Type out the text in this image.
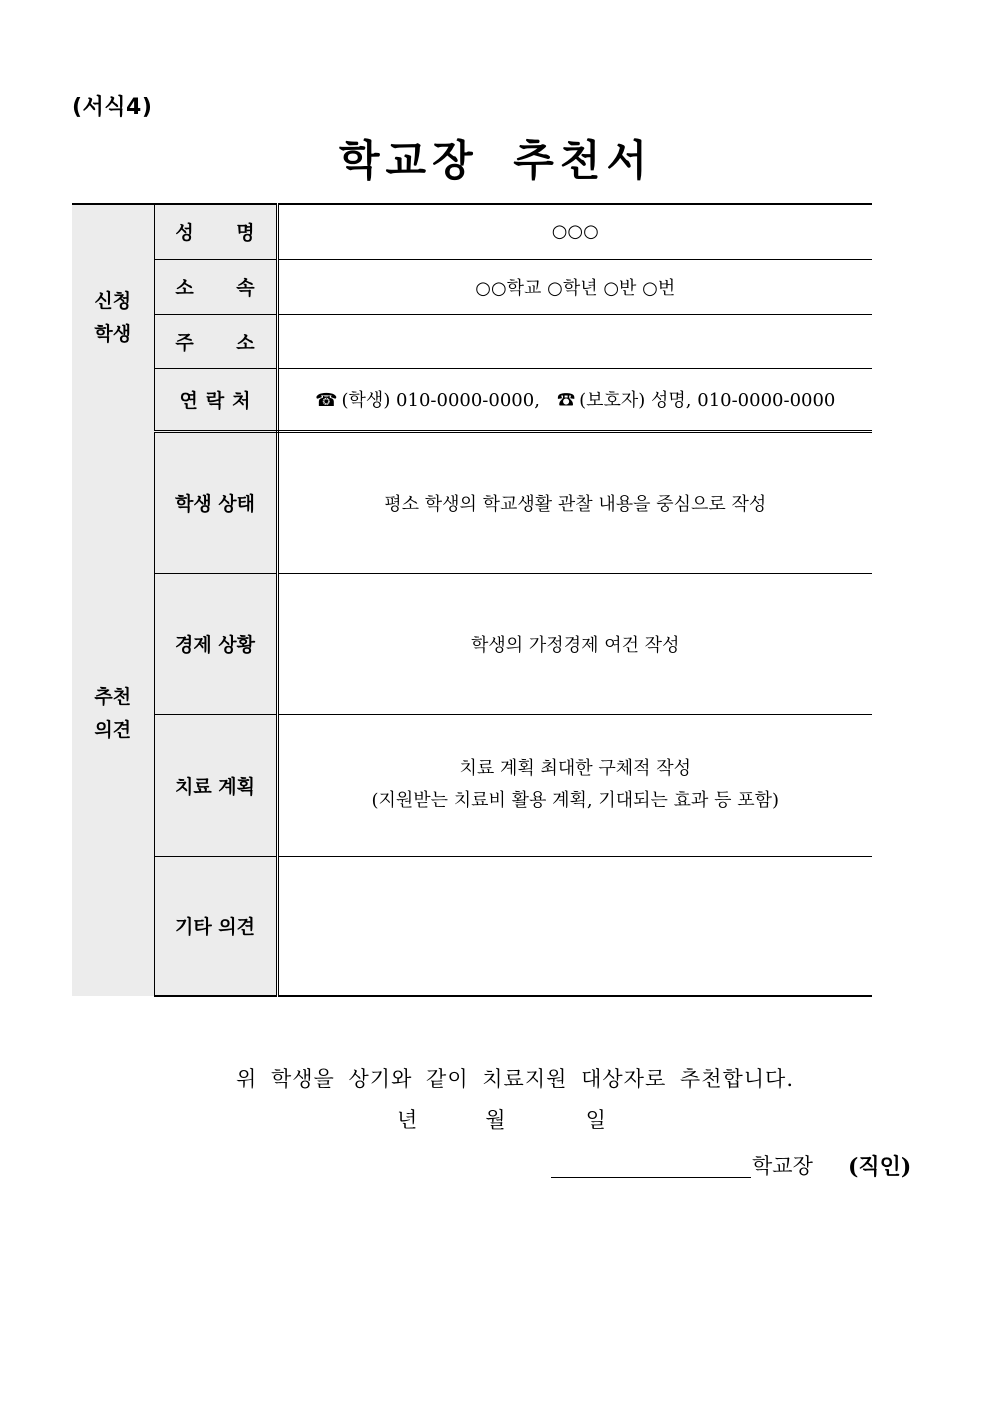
(서식4)
학교장 추천서
신청
학생	성 명	○○○
	소 속	○○학교 ○학년 ○반 ○번
	주 소	
	연락처	☎ (학생) 010-0000-0000, ☎ (보호자) 성명, 010-0000-0000

추천
의견	학생 상태	평소 학생의 학교생활 관찰 내용을 중심으로 작성
	경제 상황	학생의 가정경제 여건 작성
	치료 계획	치료 계획 최대한 구체적 작성
(지원받는 치료비 활용 계획, 기대되는 효과 등 포함)

	기타 의견	
위 학생을 상기와 같이 치료지원 대상자로 추천합니다.
년	월	일
학교장 (직인)
